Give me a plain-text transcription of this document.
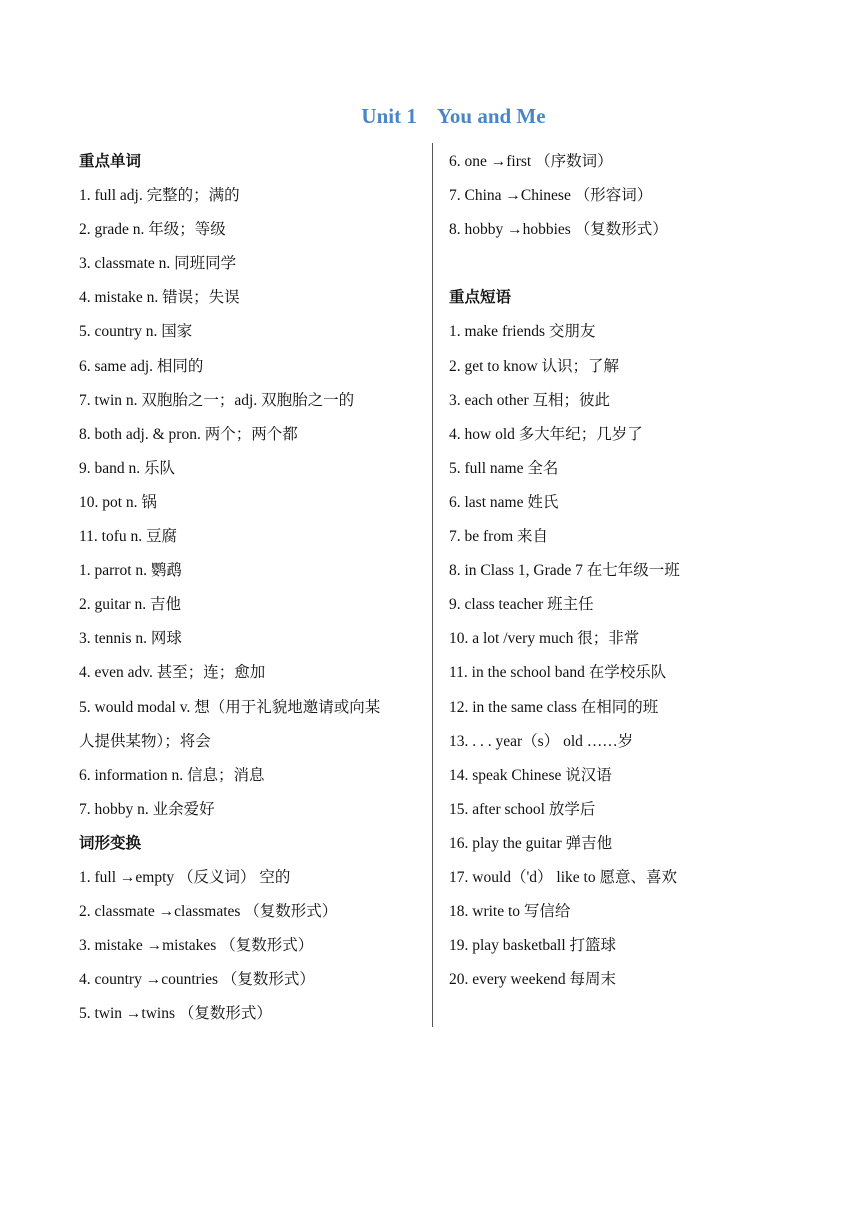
Unit 1    You and Me
重点单词
1. full adj. 完整的；满的
2. grade n. 年级；等级
3. classmate n. 同班同学
4. mistake n. 错误；失误
5. country n. 国家
6. same adj. 相同的
7. twin n. 双胞胎之一；adj. 双胞胎之一的
8. both adj. & pron. 两个；两个都
9. band n. 乐队
10. pot n. 锅
11. tofu n. 豆腐
1. parrot n. 鹦鹉
2. guitar n. 吉他
3. tennis n. 网球
4. even adv. 甚至；连；愈加
5. would modal v. 想（用于礼貌地邀请或向某
人提供某物）；将会
6. information n. 信息；消息
7. hobby n. 业余爱好
词形变换
1. full →empty （反义词） 空的
2. classmate →classmates （复数形式）
3. mistake →mistakes （复数形式）
4. country →countries （复数形式）
5. twin →twins （复数形式）
6. one →first （序数词）
7. China →Chinese （形容词）
8. hobby →hobbies （复数形式）
重点短语
1. make friends 交朋友
2. get to know 认识；了解
3. each other 互相；彼此
4. how old 多大年纪；几岁了
5. full name 全名
6. last name 姓氏
7. be from 来自
8. in Class 1, Grade 7 在七年级一班
9. class teacher 班主任
10. a lot /very much 很；非常
11. in the school band 在学校乐队
12. in the same class 在相同的班
13. . . . year（s） old ……岁
14. speak Chinese 说汉语
15. after school 放学后
16. play the guitar 弹吉他
17. would（'d） like to 愿意、喜欢
18. write to 写信给
19. play basketball 打篮球
20. every weekend 每周末
